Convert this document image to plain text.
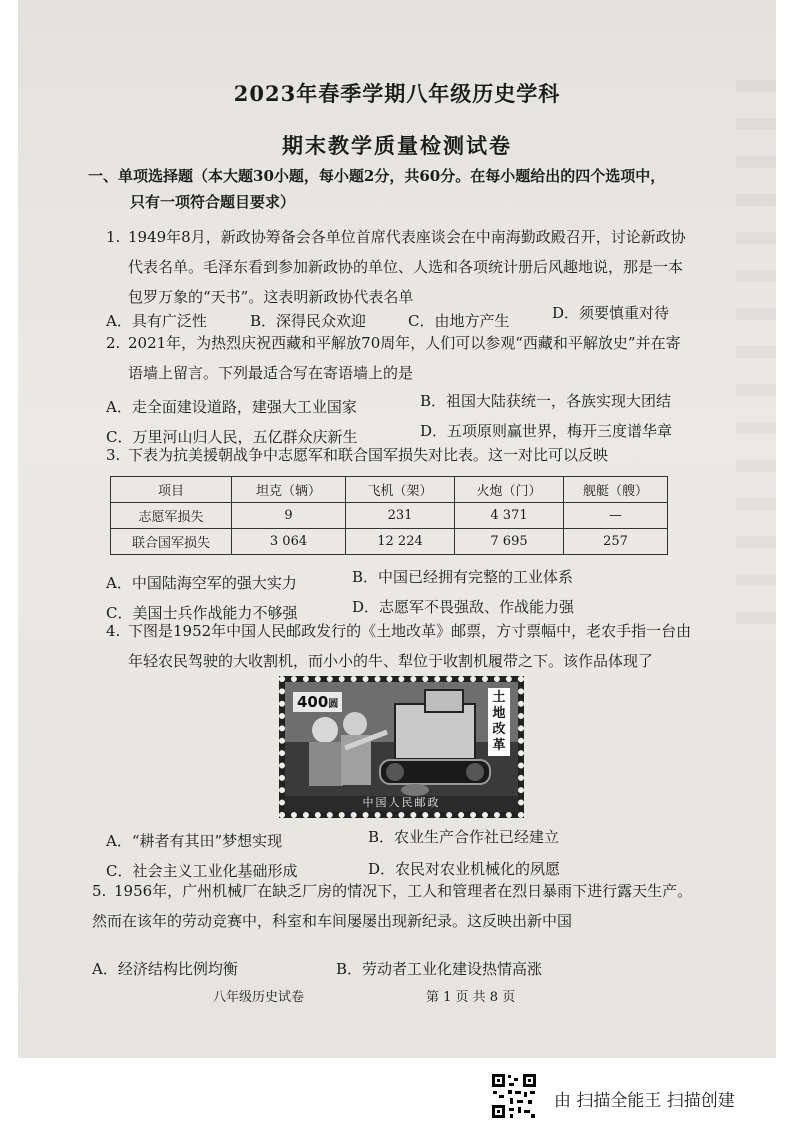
2023年春季学期八年级历史学科
期末教学质量检测试卷
一、单项选择题（本大题30小题，每小题2分，共60分。在每小题给出的四个选项中，
只有一项符合题目要求）
1. 1949年8月，新政协筹备会各单位首席代表座谈会在中南海勤政殿召开，讨论新政协
代表名单。毛泽东看到参加新政协的单位、人选和各项统计册后风趣地说，那是一本
包罗万象的“天书”。这表明新政协代表名单
A．具有广泛性	B．深得民众欢迎	C．由地方产生	D．须要慎重对待
2. 2021年，为热烈庆祝西藏和平解放70周年，人们可以参观“西藏和平解放史”并在寄
语墙上留言。下列最适合写在寄语墙上的是
A．走全面建设道路，建强大工业国家	B．祖国大陆获统一，各族实现大团结
C．万里河山归人民，五亿群众庆新生	D．五项原则赢世界，梅开三度谱华章
3. 下表为抗美援朝战争中志愿军和联合国军损失对比表。这一对比可以反映
项目	坦克（辆）	飞机（架）	火炮（门）	舰艇（艘）
志愿军损失	9	231	4 371	—
联合国军损失	3 064	12 224	7 695	257
A．中国陆海空军的强大实力	B．中国已经拥有完整的工业体系
C．美国士兵作战能力不够强	D．志愿军不畏强敌、作战能力强
4. 下图是1952年中国人民邮政发行的《土地改革》邮票，方寸票幅中，老农手指一台由
年轻农民驾驶的大收割机，而小小的牛、犁位于收割机履带之下。该作品体现了
400圆	土
地
改
革
中国人民邮政
A．“耕者有其田”梦想实现	B．农业生产合作社已经建立
C．社会主义工业化基础形成	D．农民对农业机械化的夙愿
5. 1956年，广州机械厂在缺乏厂房的情况下，工人和管理者在烈日暴雨下进行露天生产。
然而在该年的劳动竞赛中，科室和车间屡屡出现新纪录。这反映出新中国
A．经济结构比例均衡	B．劳动者工业化建设热情高涨
八年级历史试卷	第 1 页 共 8 页
由 扫描全能王 扫描创建
